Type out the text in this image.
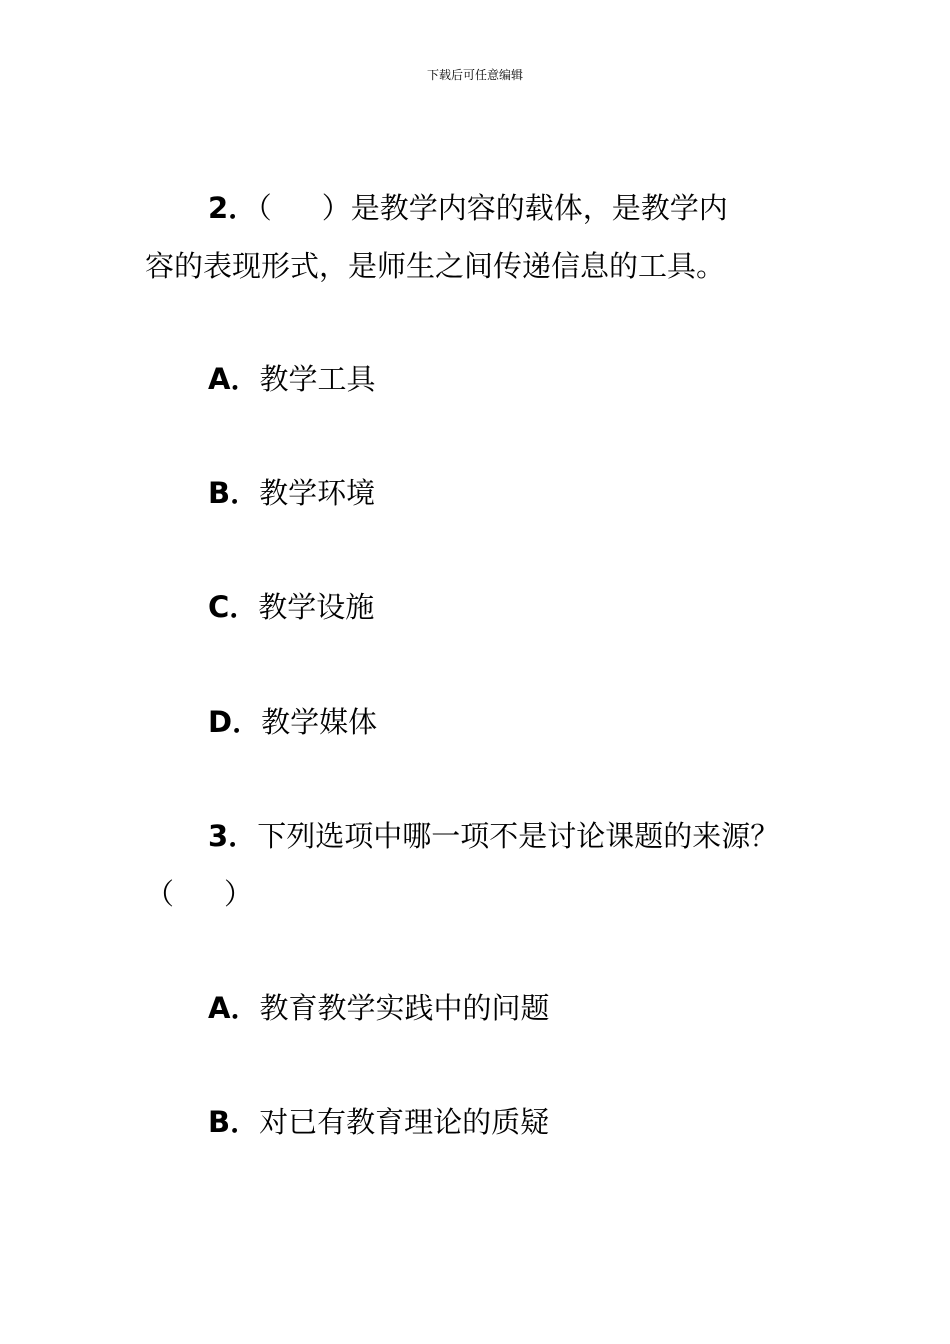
下载后可任意编辑
2．（ ）是教学内容的载体，是教学内
容的表现形式，是师生之间传递信息的工具。
A．教学工具
B．教学环境
C．教学设施
D．教学媒体
3．下列选项中哪一项不是讨论课题的来源？
（ ）
A．教育教学实践中的问题
B．对已有教育理论的质疑
